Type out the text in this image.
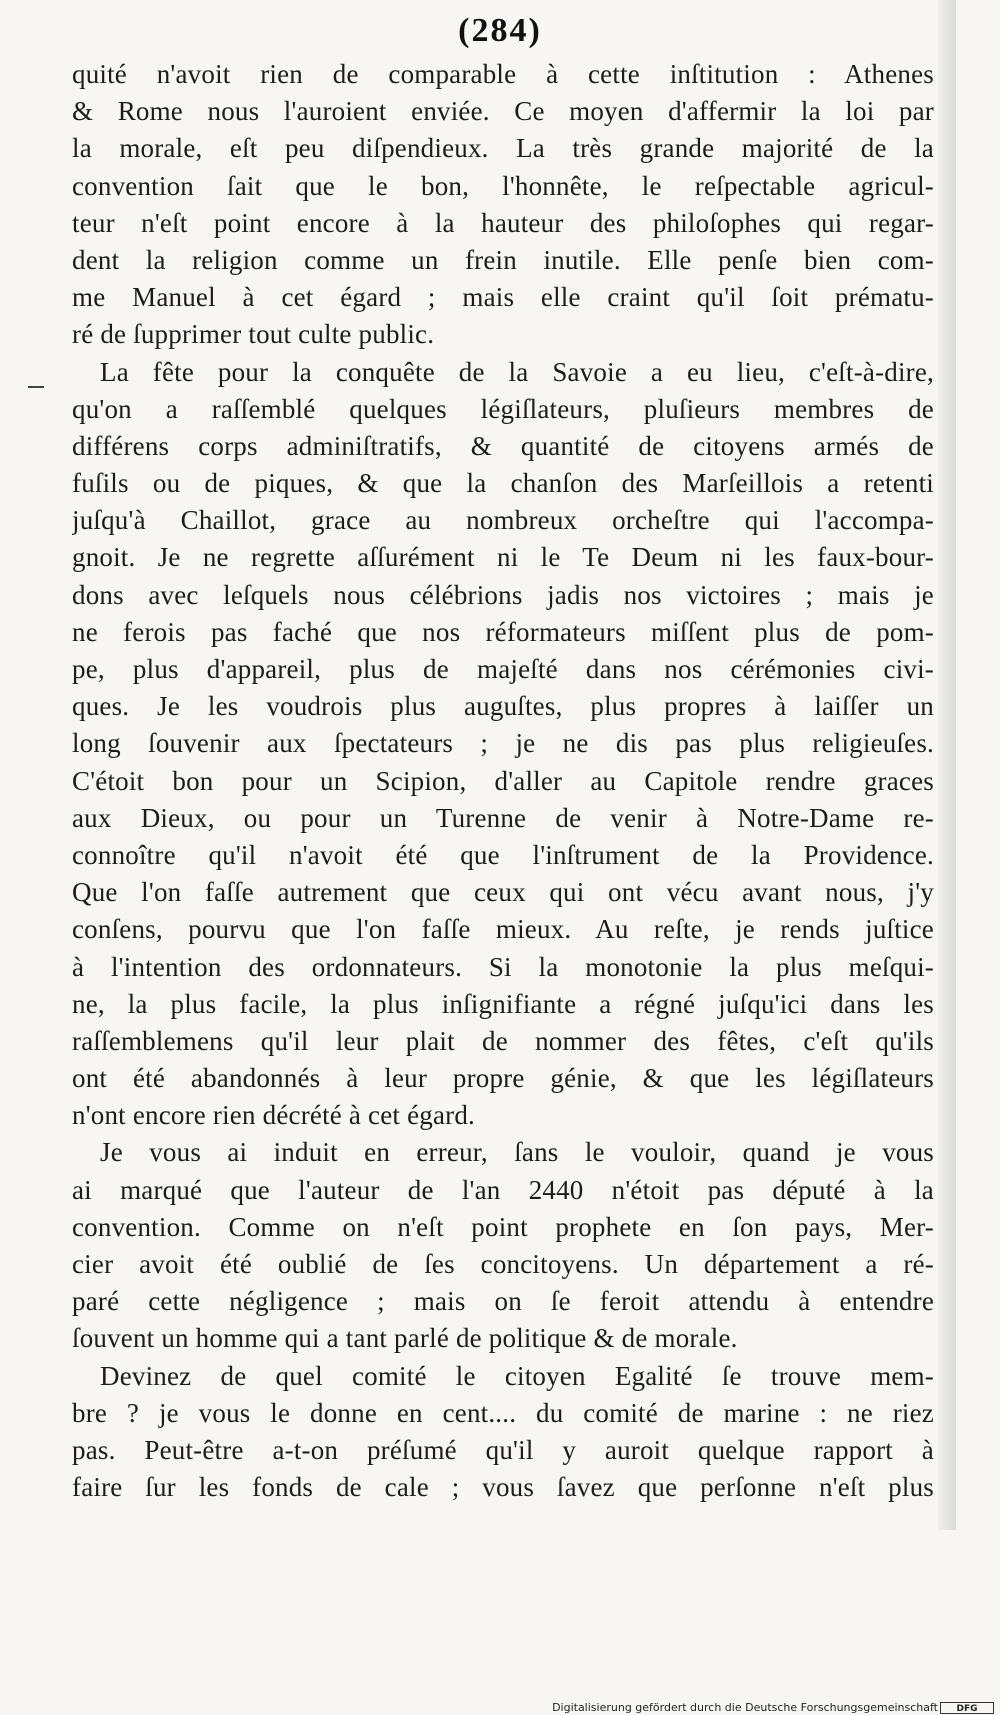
(284)
quité n'avoit rien de comparable à cette inſtitution : Athenes
& Rome nous l'auroient enviée. Ce moyen d'affermir la loi par
la morale, eſt peu diſpendieux. La très grande majorité de la
convention ſait que le bon, l'honnête, le reſpectable agricul-
teur n'eſt point encore à la hauteur des philoſophes qui regar-
dent la religion comme un frein inutile. Elle penſe bien com-
me Manuel à cet égard ; mais elle craint qu'il ſoit prématu-
ré de ſupprimer tout culte public.
La fête pour la conquête de la Savoie a eu lieu, c'eſt-à-dire,
qu'on a raſſemblé quelques légiſlateurs, pluſieurs membres de
différens corps adminiſtratifs, & quantité de citoyens armés de
fuſils ou de piques, & que la chanſon des Marſeillois a retenti
juſqu'à Chaillot, grace au nombreux orcheſtre qui l'accompa-
gnoit. Je ne regrette aſſurément ni le Te Deum ni les faux-bour-
dons avec leſquels nous célébrions jadis nos victoires ; mais je
ne ferois pas faché que nos réformateurs miſſent plus de pom-
pe, plus d'appareil, plus de majeſté dans nos cérémonies civi-
ques. Je les voudrois plus auguſtes, plus propres à laiſſer un
long ſouvenir aux ſpectateurs ; je ne dis pas plus religieuſes.
C'étoit bon pour un Scipion, d'aller au Capitole rendre graces
aux Dieux, ou pour un Turenne de venir à Notre-Dame re-
connoître qu'il n'avoit été que l'inſtrument de la Providence.
Que l'on faſſe autrement que ceux qui ont vécu avant nous, j'y
conſens, pourvu que l'on faſſe mieux. Au reſte, je rends juſtice
à l'intention des ordonnateurs. Si la monotonie la plus meſqui-
ne, la plus facile, la plus inſignifiante a régné juſqu'ici dans les
raſſemblemens qu'il leur plait de nommer des fêtes, c'eſt qu'ils
ont été abandonnés à leur propre génie, & que les légiſlateurs
n'ont encore rien décrété à cet égard.
Je vous ai induit en erreur, ſans le vouloir, quand je vous
ai marqué que l'auteur de l'an 2440 n'étoit pas député à la
convention. Comme on n'eſt point prophete en ſon pays, Mer-
cier avoit été oublié de ſes concitoyens. Un département a ré-
paré cette négligence ; mais on ſe feroit attendu à entendre
ſouvent un homme qui a tant parlé de politique & de morale.
Devinez de quel comité le citoyen Egalité ſe trouve mem-
bre ? je vous le donne en cent.... du comité de marine : ne riez
pas. Peut-être a-t-on préſumé qu'il y auroit quelque rapport à
faire ſur les fonds de cale ; vous ſavez que perſonne n'eſt plus
Digitalisierung gefördert durch die Deutsche Forschungsgemeinschaft	DFG
